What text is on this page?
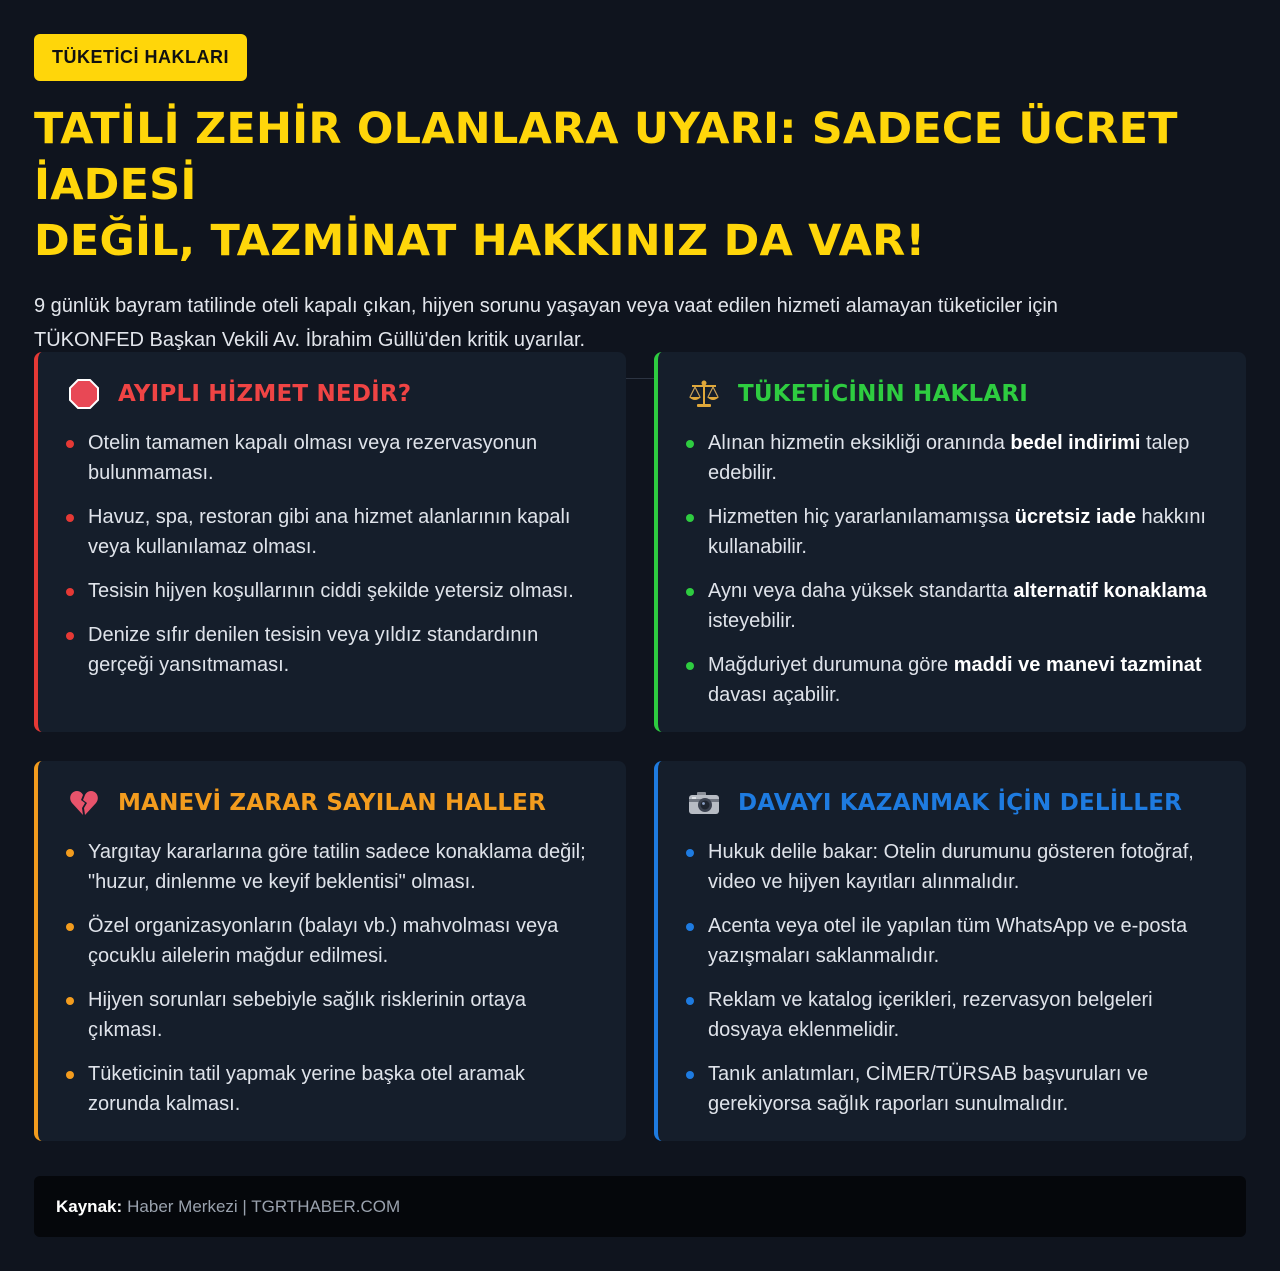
TÜKETİCİ HAKLARI
TATİLİ ZEHİR OLANLARA UYARI: SADECE ÜCRET İADESİ
DEĞİL, TAZMİNAT HAKKINIZ DA VAR!

9 günlük bayram tatilinde oteli kapalı çıkan, hijyen sorunu yaşayan veya vaat edilen hizmeti alamayan tüketiciler için
TÜKONFED Başkan Vekili Av. İbrahim Güllü'den kritik uyarılar.

AYIPLI HİZMET NEDİR?
Otelin tamamen kapalı olması veya rezervasyonun bulunmaması.
Havuz, spa, restoran gibi ana hizmet alanlarının kapalı veya kullanılamaz olması.
Tesisin hijyen koşullarının ciddi şekilde yetersiz olması.
Denize sıfır denilen tesisin veya yıldız standardının gerçeği yansıtmaması.
TÜKETİCİNİN HAKLARI
Alınan hizmetin eksikliği oranında bedel indirimi talep edebilir.
Hizmetten hiç yararlanılamamışsa ücretsiz iade hakkını kullanabilir.
Aynı veya daha yüksek standartta alternatif konaklama isteyebilir.
Mağduriyet durumuna göre maddi ve manevi tazminat davası açabilir.
MANEVİ ZARAR SAYILAN HALLER
Yargıtay kararlarına göre tatilin sadece konaklama değil; "huzur, dinlenme ve keyif beklentisi" olması.
Özel organizasyonların (balayı vb.) mahvolması veya çocuklu ailelerin mağdur edilmesi.
Hijyen sorunları sebebiyle sağlık risklerinin ortaya çıkması.
Tüketicinin tatil yapmak yerine başka otel aramak zorunda kalması.
DAVAYI KAZANMAK İÇİN DELİLLER
Hukuk delile bakar: Otelin durumunu gösteren fotoğraf, video ve hijyen kayıtları alınmalıdır.
Acenta veya otel ile yapılan tüm WhatsApp ve e-posta yazışmaları saklanmalıdır.
Reklam ve katalog içerikleri, rezervasyon belgeleri dosyaya eklenmelidir.
Tanık anlatımları, CİMER/TÜRSAB başvuruları ve gerekiyorsa sağlık raporları sunulmalıdır.
Kaynak: Haber Merkezi | TGRTHABER.COM
